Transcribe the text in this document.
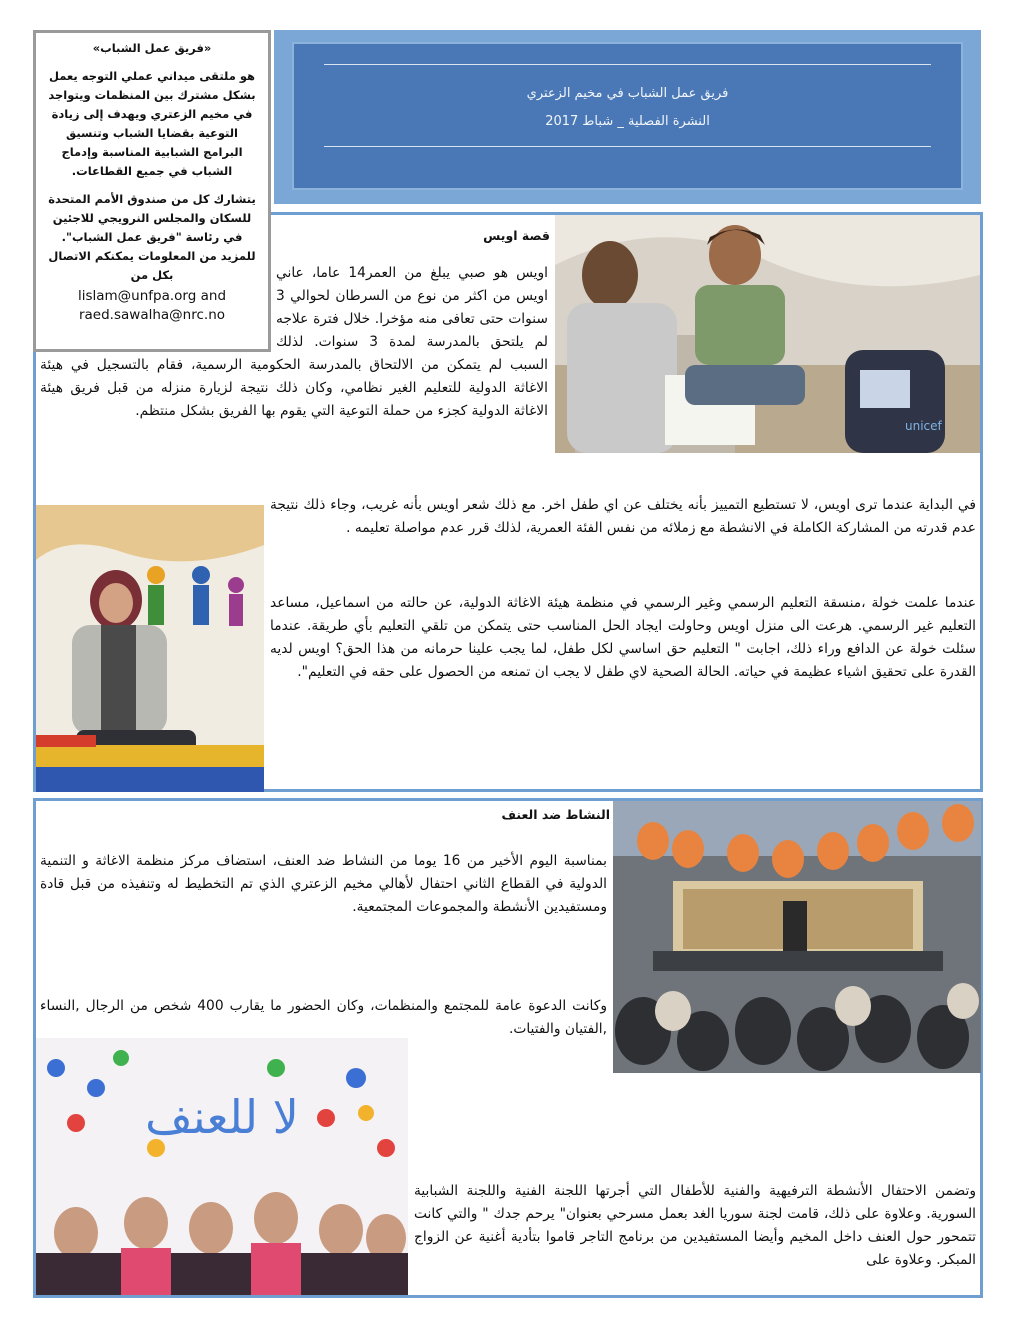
فريق عمل الشباب في مخيم الزعتري
النشرة الفصلية _ شباط 2017

«فريق عمل الشباب»

هو ملتقى ميداني عملي التوجه يعمل بشكل مشترك بين المنظمات ويتواجد في مخيم الزعتري ويهدف إلى زيادة التوعية بقضايا الشباب وتنسيق البرامج الشبابية المناسبة وإدماج الشباب في جميع القطاعات.

يتشارك كل من صندوق الأمم المتحدة للسكان والمجلس النرويجي للاجئين في رئاسة "فريق عمل الشباب". للمزيد من المعلومات يمكنكم الاتصال بكل من

lislam@unfpa.org and
raed.sawalha@nrc.no
unicef
قصة اويس
اويس هو صبي يبلغ من العمر14 عاما، عاني اويس من اكثر من نوع من السرطان لحوالي 3 سنوات حتى تعافى منه مؤخرا. خلال فترة علاجه لم يلتحق بالمدرسة لمدة 3 سنوات. لذلك السبب لم يتمكن من الالتحاق بالمدرسة الحكومية الرسمية، فقام بالتسجيل في هيئة الاغاثة الدولية للتعليم الغير نظامي، وكان ذلك نتيجة لزيارة منزله من قبل فريق هيئة الاغاثة الدولية كجزء من حملة التوعية التي يقوم بها الفريق بشكل منتظم.
في البداية عندما ترى اويس، لا تستطيع التمييز بأنه يختلف عن اي طفل اخر. مع ذلك شعر اويس بأنه غريب، وجاء ذلك نتيجة عدم قدرته من المشاركة الكاملة في الانشطة مع زملائه من نفس الفئة العمرية، لذلك قرر عدم مواصلة تعليمه .
عندما علمت خولة ،منسقة التعليم الرسمي وغير الرسمي في منظمة هيئة الاغاثة الدولية، عن حالته من اسماعيل، مساعد التعليم غير الرسمي. هرعت الى منزل اويس وحاولت ايجاد الحل المناسب حتى يتمكن من تلقي التعليم بأي طريقة. عندما سئلت خولة عن الدافع وراء ذلك، اجابت " التعليم حق اساسي لكل طفل، لما يجب علينا حرمانه من هذا الحق؟ اويس لديه القدرة على تحقيق اشياء عظيمة في حياته. الحالة الصحية لاي طفل لا يجب ان تمنعه من الحصول على حقه في التعليم".
النشاط ضد العنف
بمناسبة اليوم الأخير من 16 يوما من النشاط ضد العنف، استضاف مركز منظمة الاغاثة و التنمية الدولية في القطاع الثاني احتفال لأهالي مخيم الزعتري الذي تم التخطيط له وتنفيذه من قبل قادة ومستفيدين الأنشطة والمجموعات المجتمعية.
وكانت الدعوة عامة للمجتمع والمنظمات، وكان الحضور ما يقارب 400 شخص من الرجال ,النساء ,الفتيان والفتيات.
لا للعنف
وتضمن الاحتفال الأنشطة الترفيهية والفنية للأطفال التي أجرتها اللجنة الفنية واللجنة الشبابية السورية. وعلاوة على ذلك، قامت لجنة سوريا الغد بعمل مسرحي بعنوان" يرحم جدك " والتي كانت تتمحور حول العنف داخل المخيم وأيضا المستفيدين من برنامج التاجر قاموا بتأدية أغنية عن الزواج المبكر. وعلاوة على
